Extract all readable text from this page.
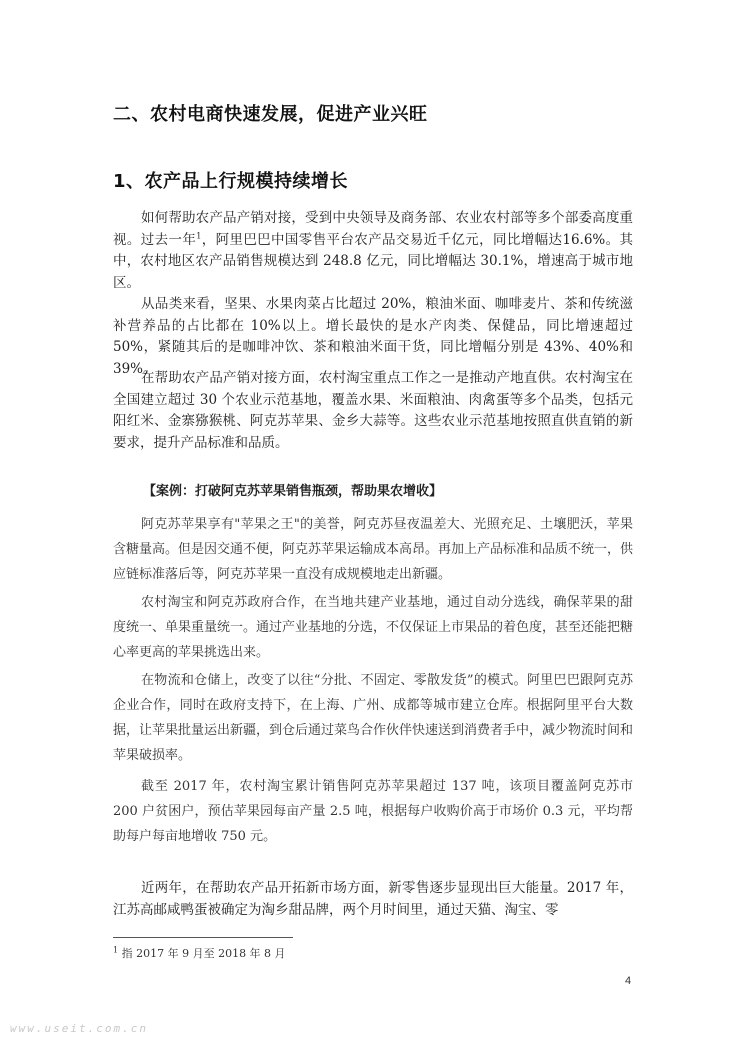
二、农村电商快速发展，促进产业兴旺
1、农产品上行规模持续增长

如何帮助农产品产销对接，受到中央领导及商务部、农业农村部等多个部委高度重视。过去一年$^1$，阿里巴巴中国零售平台农产品交易近千亿元，同比增幅达16.6%。其中，农村地区农产品销售规模达到 248.8 亿元，同比增幅达 30.1%，增速高于城市地区。

从品类来看，坚果、水果肉菜占比超过 20%，粮油米面、咖啡麦片、茶和传统滋补营养品的占比都在 10%以上。增长最快的是水产肉类、保健品，同比增速超过 50%，紧随其后的是咖啡冲饮、茶和粮油米面干货，同比增幅分别是 43%、40%和 39%。

在帮助农产品产销对接方面，农村淘宝重点工作之一是推动产地直供。农村淘宝在全国建立超过 30 个农业示范基地，覆盖水果、米面粮油、肉禽蛋等多个品类，包括元阳红米、金寨猕猴桃、阿克苏苹果、金乡大蒜等。这些农业示范基地按照直供直销的新要求，提升产品标准和品质。

【案例：打破阿克苏苹果销售瓶颈，帮助果农增收】

阿克苏苹果享有"苹果之王"的美誉，阿克苏昼夜温差大、光照充足、土壤肥沃，苹果含糖量高。但是因交通不便，阿克苏苹果运输成本高昂。再加上产品标准和品质不统一，供应链标准落后等，阿克苏苹果一直没有成规模地走出新疆。

农村淘宝和阿克苏政府合作，在当地共建产业基地，通过自动分选线，确保苹果的甜度统一、单果重量统一。通过产业基地的分选，不仅保证上市果品的着色度，甚至还能把糖心率更高的苹果挑选出来。

在物流和仓储上，改变了以往“分批、不固定、零散发货”的模式。阿里巴巴跟阿克苏企业合作，同时在政府支持下，在上海、广州、成都等城市建立仓库。根据阿里平台大数据，让苹果批量运出新疆，到仓后通过菜鸟合作伙伴快速送到消费者手中，减少物流时间和苹果破损率。

截至 2017 年，农村淘宝累计销售阿克苏苹果超过 137 吨，该项目覆盖阿克苏市 200 户贫困户，预估苹果园每亩产量 2.5 吨，根据每户收购价高于市场价 0.3 元，平均帮助每户每亩地增收 750 元。

近两年，在帮助农产品开拓新市场方面，新零售逐步显现出巨大能量。2017 年，江苏高邮咸鸭蛋被确定为淘乡甜品牌，两个月时间里，通过天猫、淘宝、零

$^1$ 指 2017 年 9 月至 2018 年 8 月
4
www.useit.com.cn
